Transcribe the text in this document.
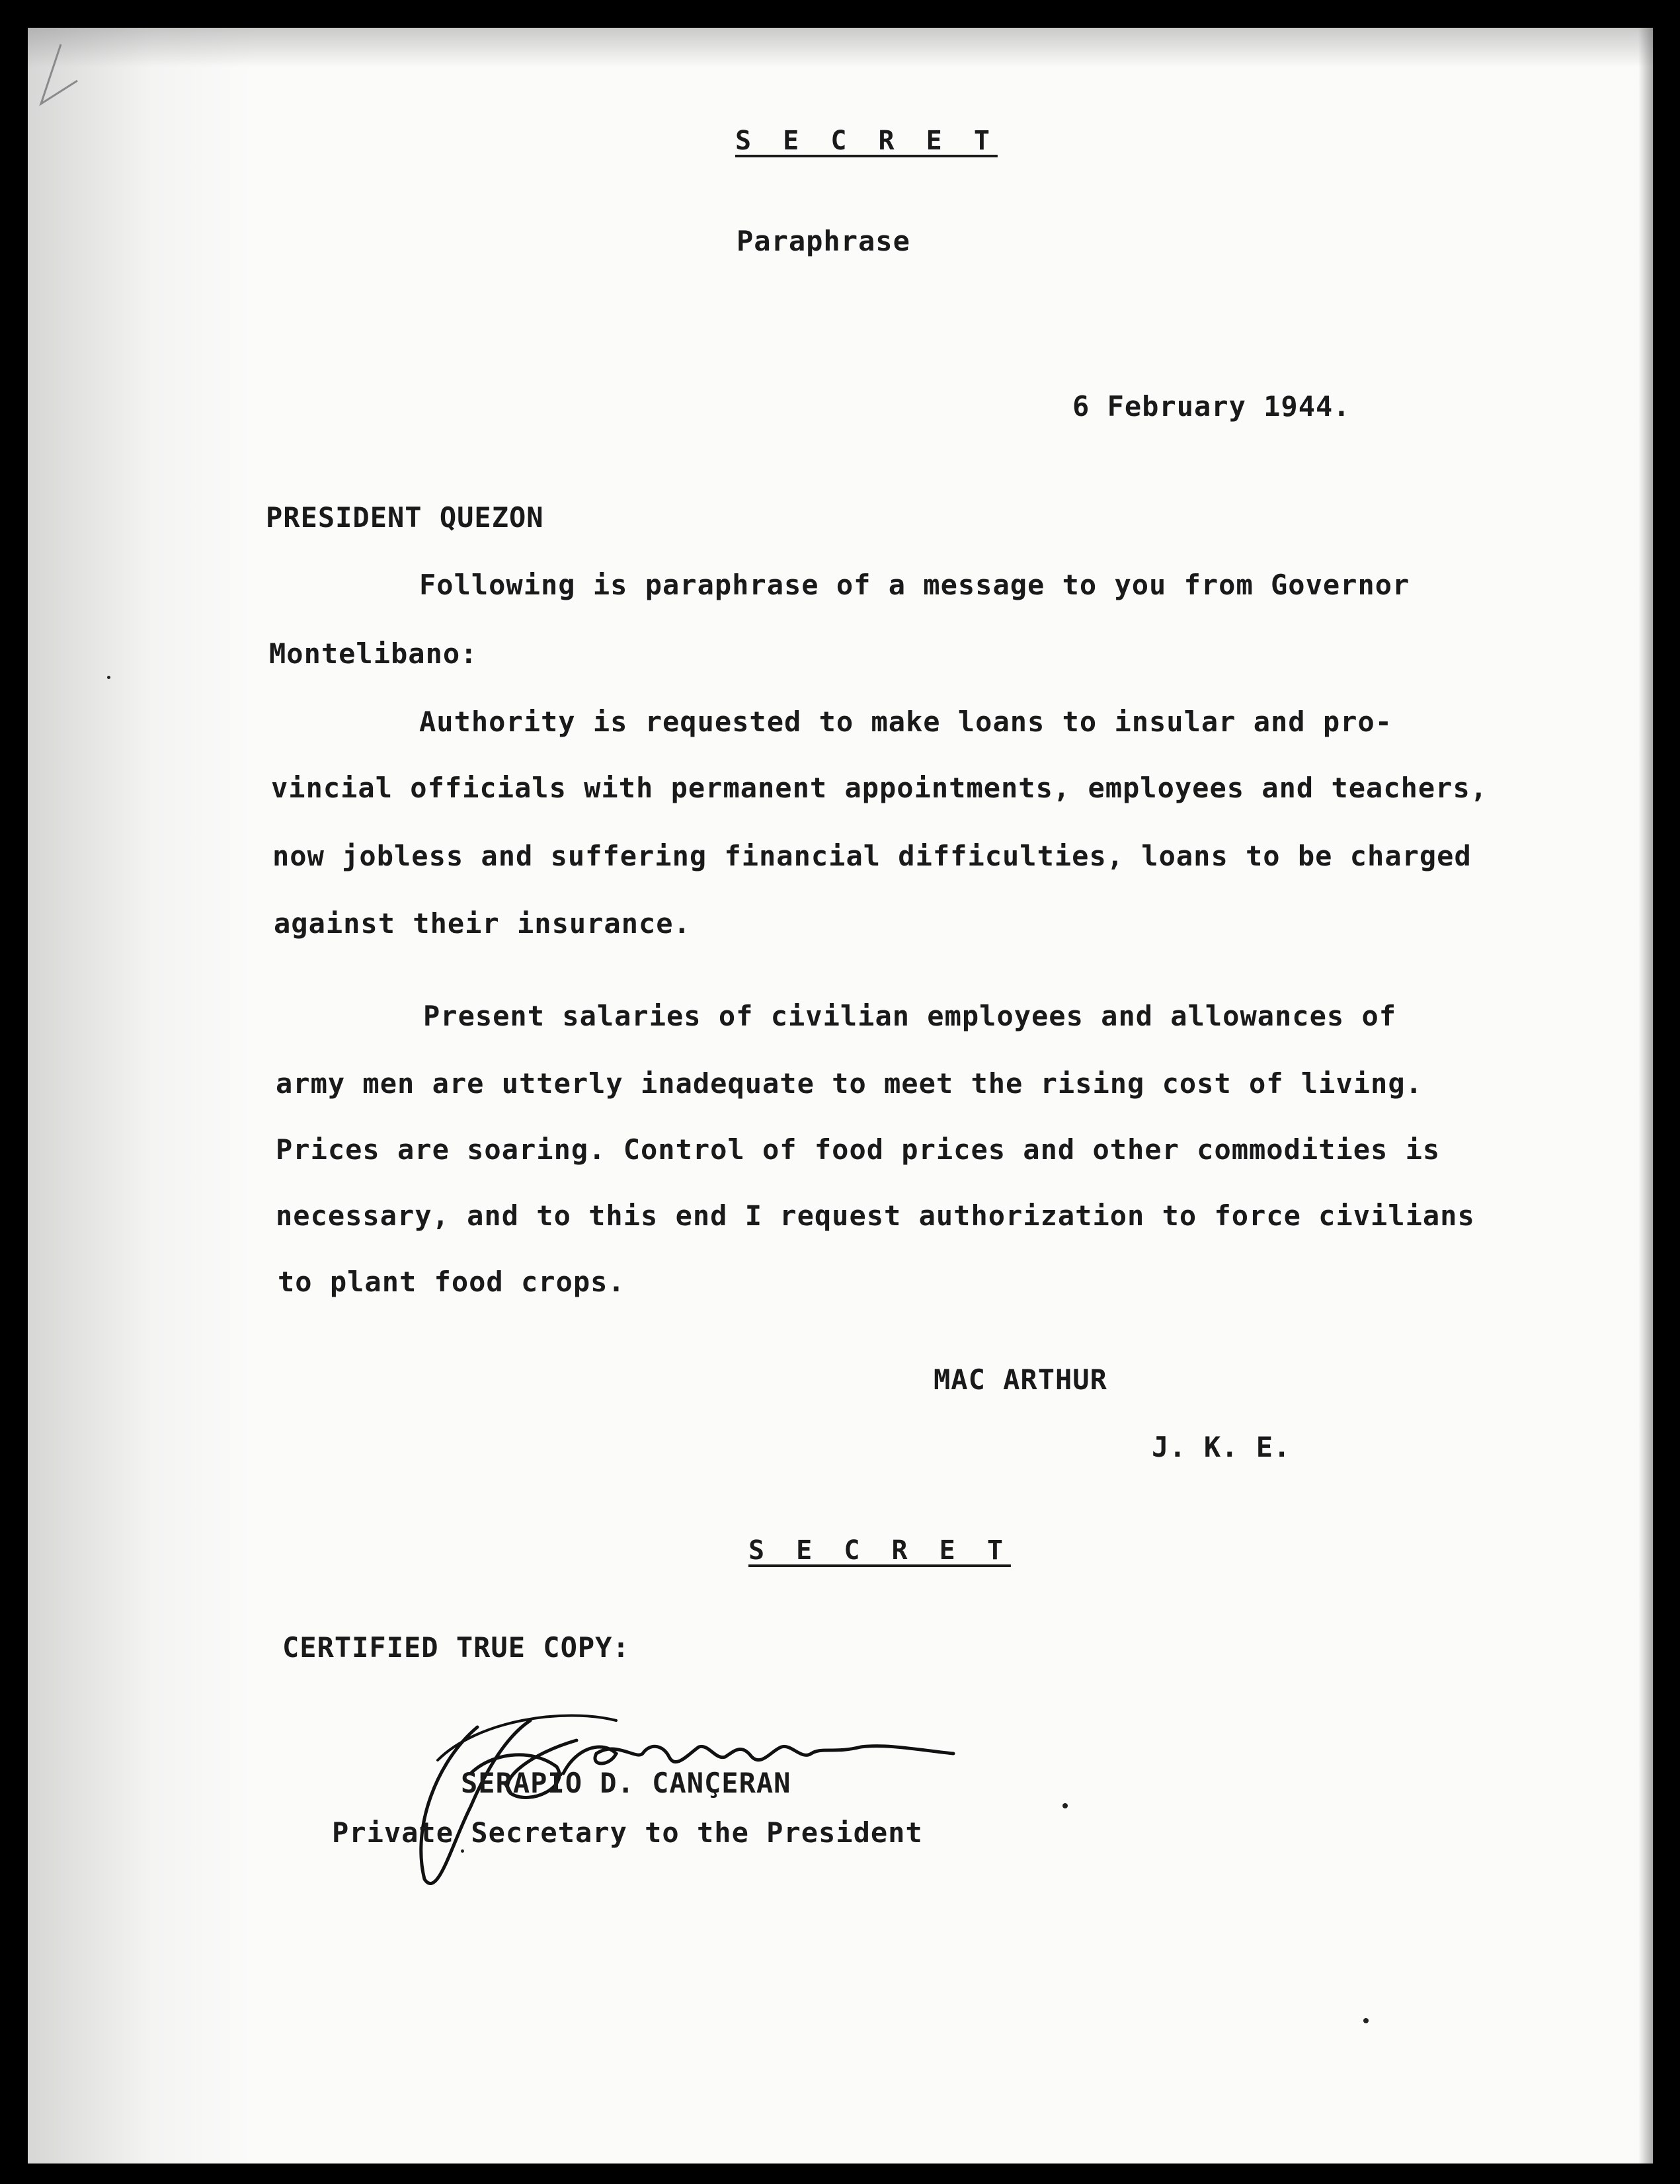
S E C R E T
Paraphrase
6 February 1944.
PRESIDENT QUEZON
Following is paraphrase of a message to you from Governor
Montelibano:
Authority is requested to make loans to insular and pro-
vincial officials with permanent appointments, employees and teachers,
now jobless and suffering financial difficulties, loans to be charged
against their insurance.
Present salaries of civilian employees and allowances of
army men are utterly inadequate to meet the rising cost of living.
Prices are soaring. Control of food prices and other commodities is
necessary, and to this end I request authorization to force civilians
to plant food crops.
MAC ARTHUR
J. K. E.
S E C R E T
CERTIFIED TRUE COPY:
SERAPIO D. CANÇERAN
Private Secretary to the President
